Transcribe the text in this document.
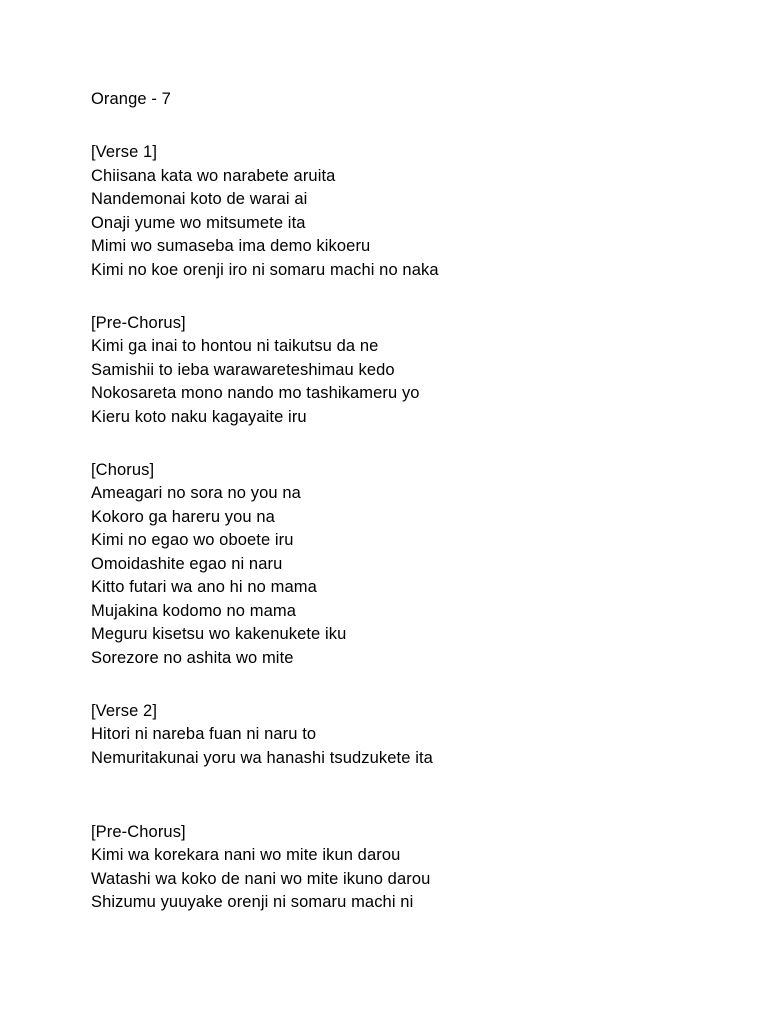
Orange - 7
[Verse 1]
Chiisana kata wo narabete aruita
Nandemonai koto de warai ai
Onaji yume wo mitsumete ita
Mimi wo sumaseba ima demo kikoeru
Kimi no koe orenji iro ni somaru machi no naka
[Pre-Chorus]
Kimi ga inai to hontou ni taikutsu da ne
Samishii to ieba warawareteshimau kedo
Nokosareta mono nando mo tashikameru yo
Kieru koto naku kagayaite iru
[Chorus]
Ameagari no sora no you na
Kokoro ga hareru you na
Kimi no egao wo oboete iru
Omoidashite egao ni naru
Kitto futari wa ano hi no mama
Mujakina kodomo no mama
Meguru kisetsu wo kakenukete iku
Sorezore no ashita wo mite
[Verse 2]
Hitori ni nareba fuan ni naru to
Nemuritakunai yoru wa hanashi tsudzukete ita
[Pre-Chorus]
Kimi wa korekara nani wo mite ikun darou
Watashi wa koko de nani wo mite ikuno darou
Shizumu yuuyake orenji ni somaru machi ni
